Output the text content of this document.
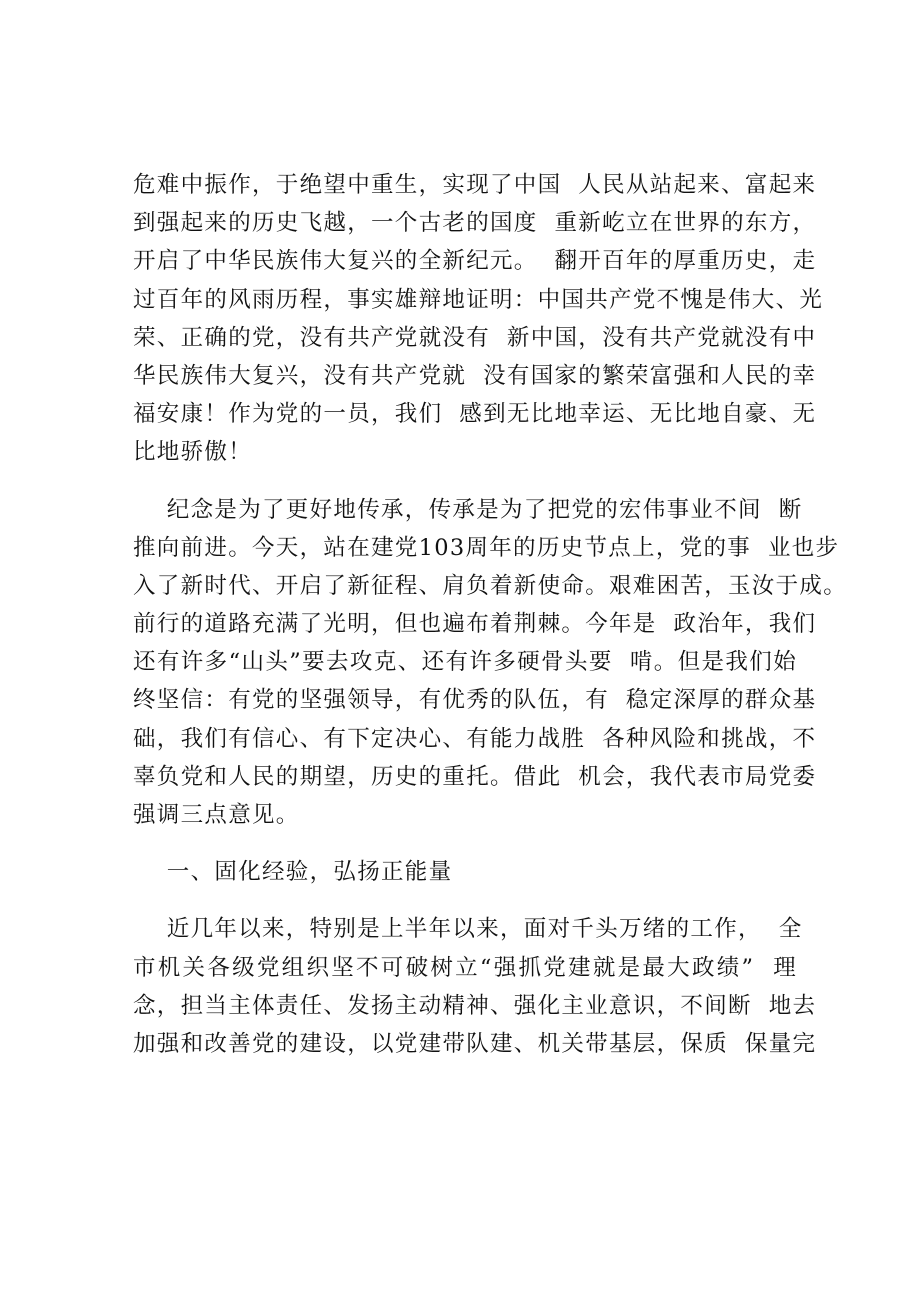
危难中振作，于绝望中重生，实现了中国  人民从站起来、富起来
到强起来的历史飞越，一个古老的国度  重新屹立在世界的东方，
开启了中华民族伟大复兴的全新纪元。  翻开百年的厚重历史，走
过百年的风雨历程，事实雄辩地证明：中国共产党不愧是伟大、光
荣、正确的党，没有共产党就没有  新中国，没有共产党就没有中
华民族伟大复兴，没有共产党就  没有国家的繁荣富强和人民的幸
福安康！作为党的一员，我们  感到无比地幸运、无比地自豪、无
比地骄傲！
纪念是为了更好地传承，传承是为了把党的宏伟事业不间  断
推向前进。今天，站在建党103周年的历史节点上，党的事  业也步
入了新时代、开启了新征程、肩负着新使命。艰难困苦，玉汝于成。
前行的道路充满了光明，但也遍布着荆棘。今年是  政治年，我们
还有许多“山头”要去攻克、还有许多硬骨头要  啃。但是我们始
终坚信：有党的坚强领导，有优秀的队伍，有  稳定深厚的群众基
础，我们有信心、有下定决心、有能力战胜  各种风险和挑战，不
辜负党和人民的期望，历史的重托。借此  机会，我代表市局党委
强调三点意见。
一、固化经验，弘扬正能量
近几年以来，特别是上半年以来，面对千头万绪的工作，  全
市机关各级党组织坚不可破树立“强抓党建就是最大政绩”  理
念，担当主体责任、发扬主动精神、强化主业意识，不间断  地去
加强和改善党的建设，以党建带队建、机关带基层，保质  保量完
